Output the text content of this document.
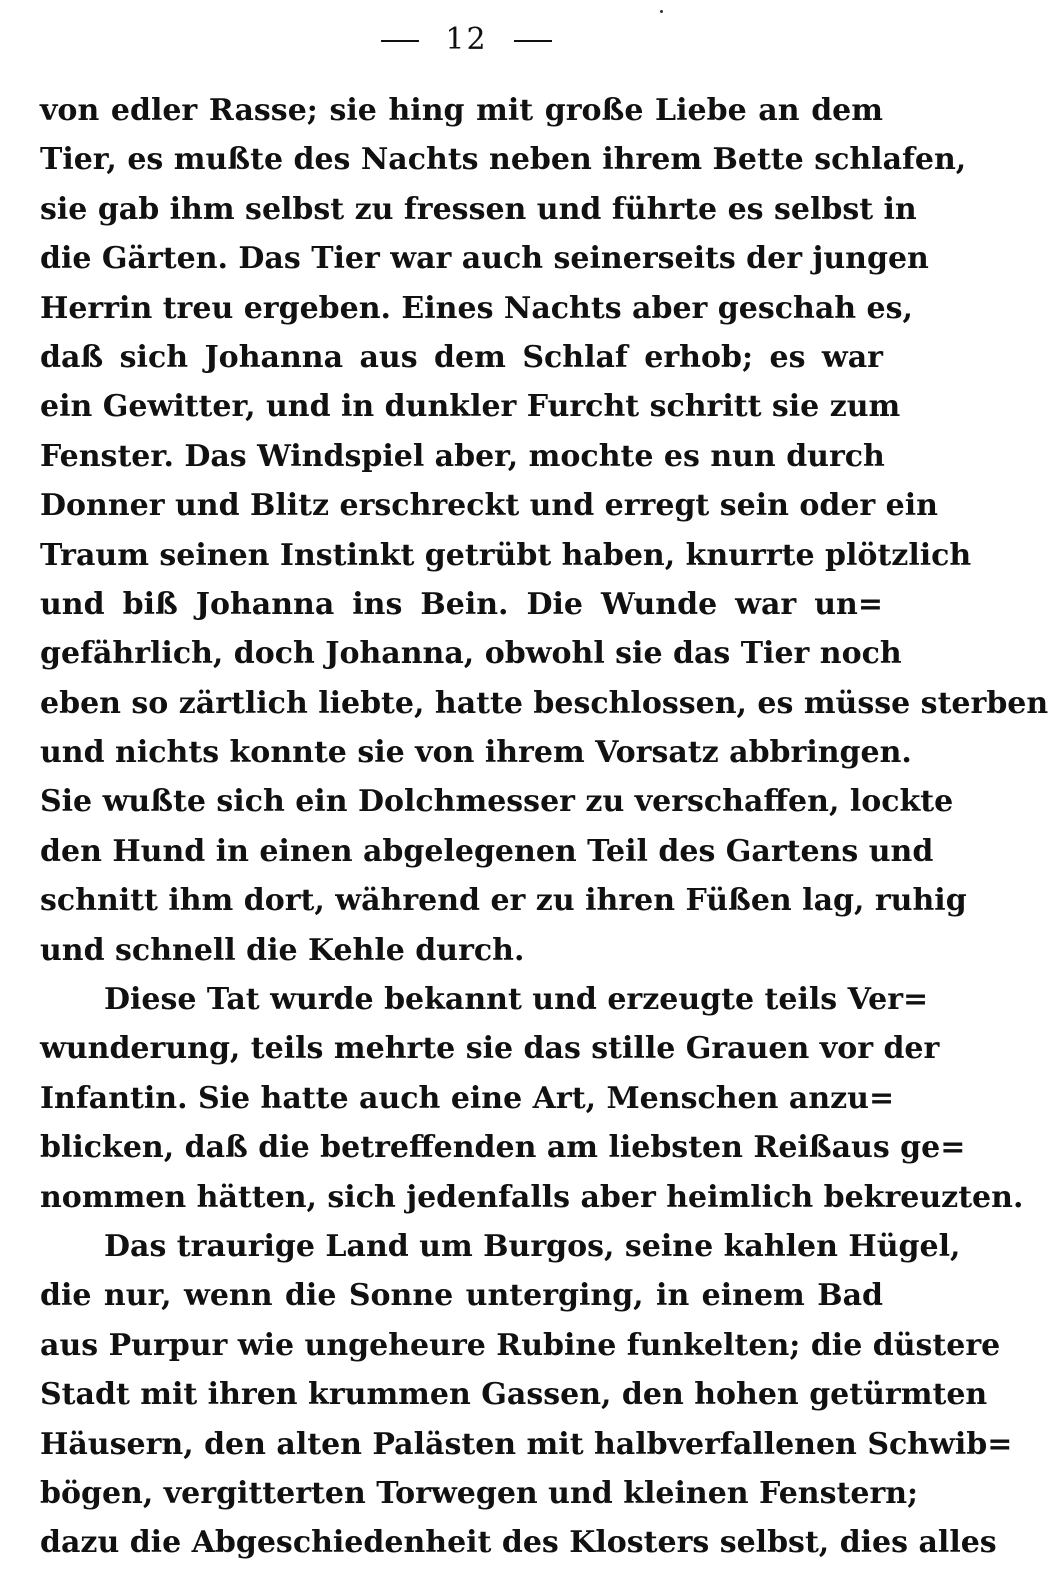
12
von edler Rasse; sie hing mit große Liebe an dem
Tier, es mußte des Nachts neben ihrem Bette schlafen,
sie gab ihm selbst zu fressen und führte es selbst in
die Gärten. Das Tier war auch seinerseits der jungen
Herrin treu ergeben. Eines Nachts aber geschah es,
daß sich Johanna aus dem Schlaf erhob; es war
ein Gewitter, und in dunkler Furcht schritt sie zum
Fenster. Das Windspiel aber, mochte es nun durch
Donner und Blitz erschreckt und erregt sein oder ein
Traum seinen Instinkt getrübt haben, knurrte plötzlich
und biß Johanna ins Bein. Die Wunde war un=
gefährlich, doch Johanna, obwohl sie das Tier noch
eben so zärtlich liebte, hatte beschlossen, es müsse sterben
und nichts konnte sie von ihrem Vorsatz abbringen.
Sie wußte sich ein Dolchmesser zu verschaffen, lockte
den Hund in einen abgelegenen Teil des Gartens und
schnitt ihm dort, während er zu ihren Füßen lag, ruhig
und schnell die Kehle durch.
Diese Tat wurde bekannt und erzeugte teils Ver=
wunderung, teils mehrte sie das stille Grauen vor der
Infantin. Sie hatte auch eine Art, Menschen anzu=
blicken, daß die betreffenden am liebsten Reißaus ge=
nommen hätten, sich jedenfalls aber heimlich bekreuzten.
Das traurige Land um Burgos, seine kahlen Hügel,
die nur, wenn die Sonne unterging, in einem Bad
aus Purpur wie ungeheure Rubine funkelten; die düstere
Stadt mit ihren krummen Gassen, den hohen getürmten
Häusern, den alten Palästen mit halbverfallenen Schwib=
bögen, vergitterten Torwegen und kleinen Fenstern;
dazu die Abgeschiedenheit des Klosters selbst, dies alles
